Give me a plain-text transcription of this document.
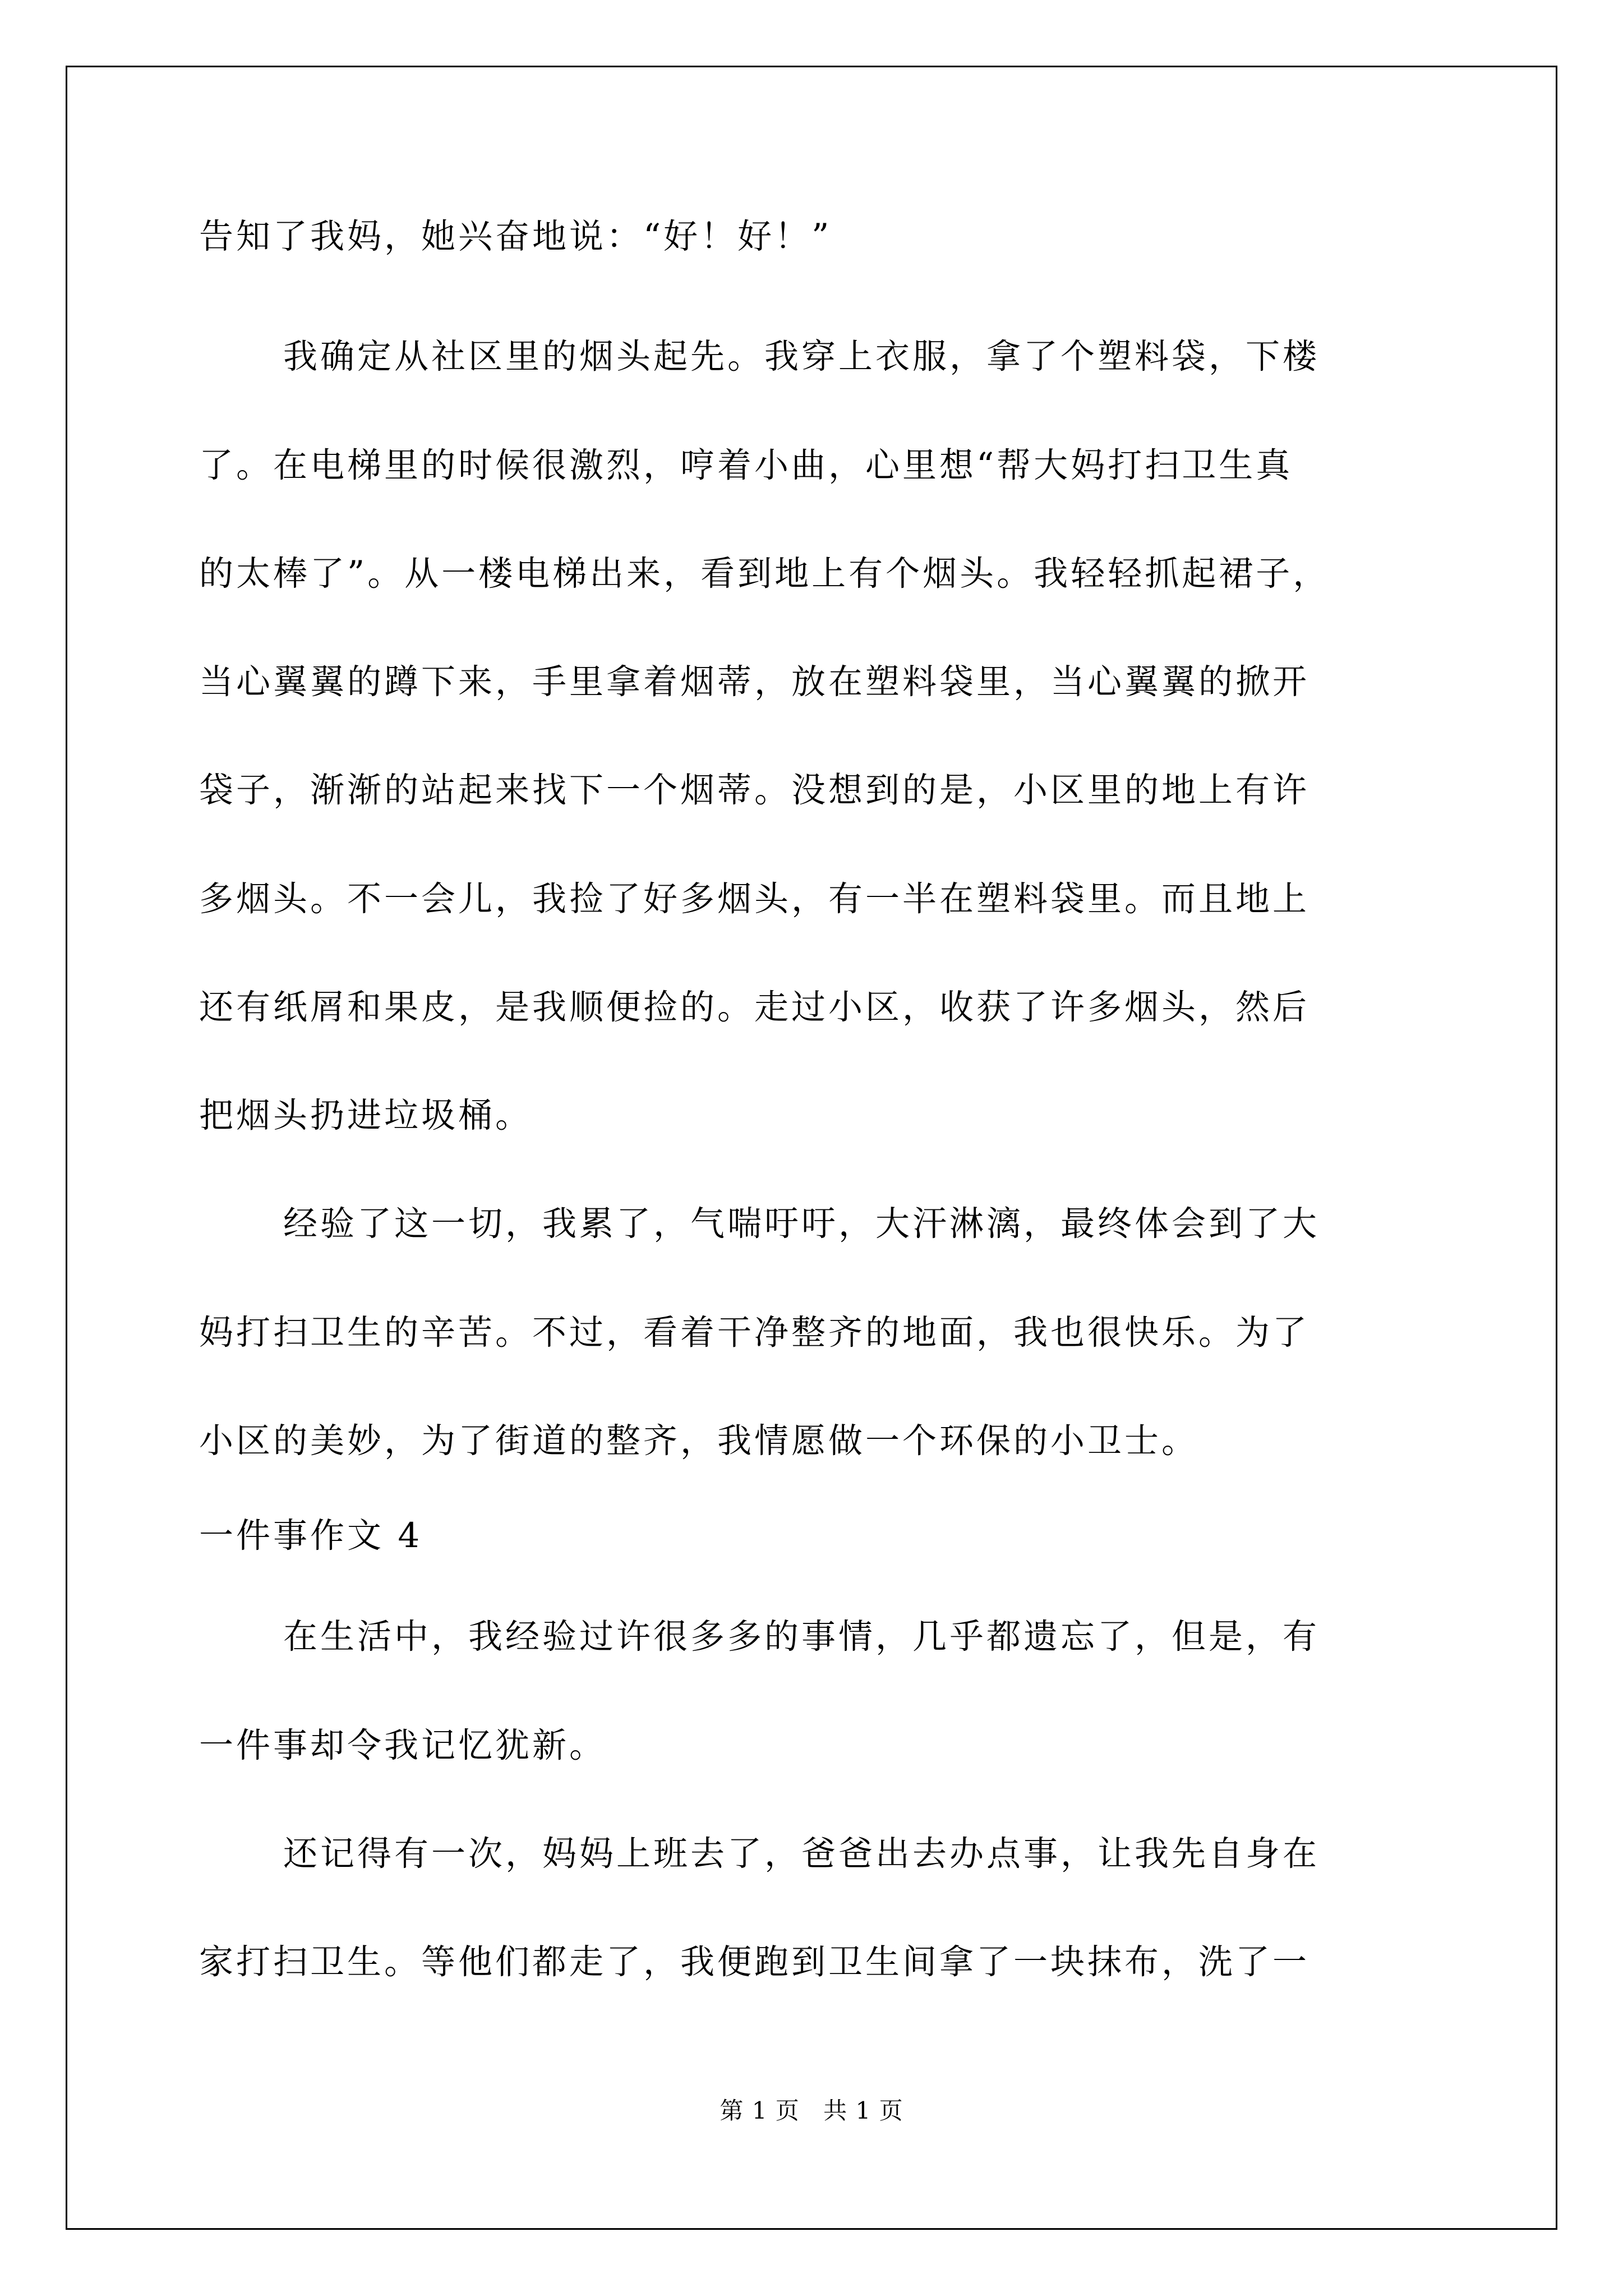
告知了我妈，她兴奋地说：“好！好！”

我确定从社区里的烟头起先。我穿上衣服，拿了个塑料袋，下楼

了。在电梯里的时候很激烈，哼着小曲，心里想“帮大妈打扫卫生真

的太棒了”。从一楼电梯出来，看到地上有个烟头。我轻轻抓起裙子，

当心翼翼的蹲下来，手里拿着烟蒂，放在塑料袋里，当心翼翼的掀开

袋子，渐渐的站起来找下一个烟蒂。没想到的是，小区里的地上有许

多烟头。不一会儿，我捡了好多烟头，有一半在塑料袋里。而且地上

还有纸屑和果皮，是我顺便捡的。走过小区，收获了许多烟头，然后

把烟头扔进垃圾桶。

经验了这一切，我累了，气喘吁吁，大汗淋漓，最终体会到了大

妈打扫卫生的辛苦。不过，看着干净整齐的地面，我也很快乐。为了

小区的美妙，为了街道的整齐，我情愿做一个环保的小卫士。

一件事作文 4

在生活中，我经验过许很多多的事情，几乎都遗忘了，但是，有

一件事却令我记忆犹新。

还记得有一次，妈妈上班去了，爸爸出去办点事，让我先自身在

家打扫卫生。等他们都走了，我便跑到卫生间拿了一块抹布，洗了一

第 1 页 共 1 页
